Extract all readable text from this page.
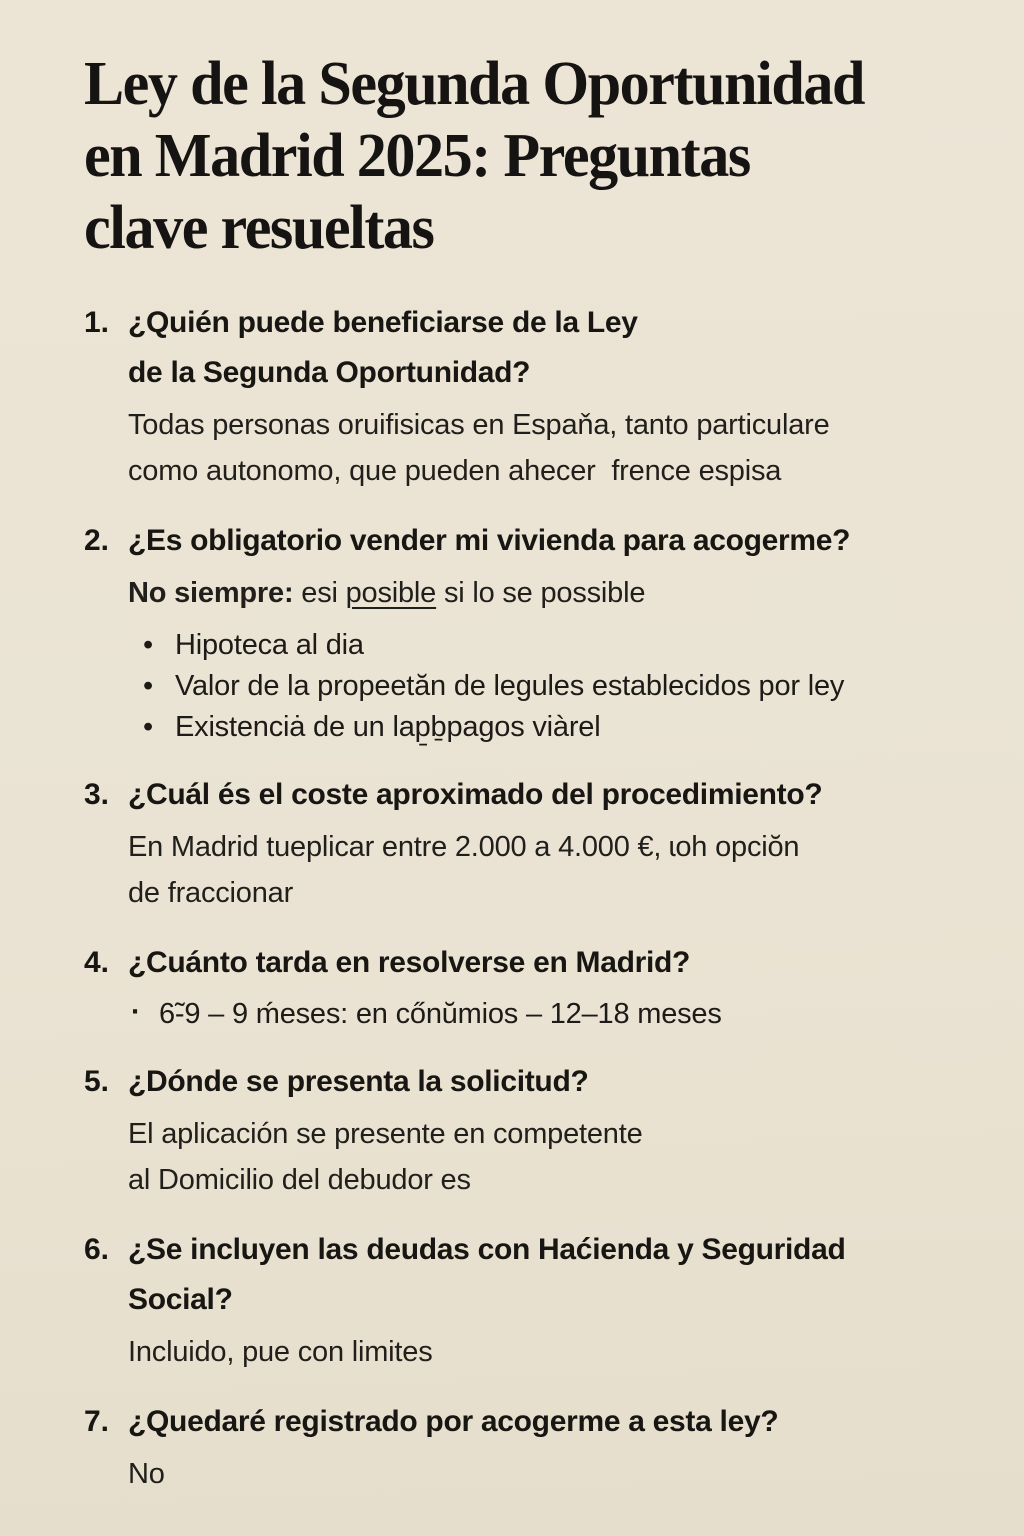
Ley de la Segunda Oportunidad
en Madrid 2025: Preguntas
clave resueltas
1. ¿Quién puede beneficiarse de la Ley
de la Segunda Oportunidad?
Todas personas oruifisicas en Espaňa, tanto particulare
como autonomo, que pueden ahecer  frence espisa
2. ¿Es obligatorio vender mi vivienda para acogerme?
No siempre: esi posible si lo se possible
• Hipoteca al dia
• Valor de la propeetăn de legules establecidos por ley
• Existenciȧ de un lap̱ḇpagos viàrel
3. ¿Cuál és el coste aproximado del procedimiento?
En Madrid tueplicar entre 2.000 a 4.000 €, ɩoh opciŏn
de fraccionar
4. ¿Cuánto tarda en resolverse en Madrid?
· 6̃-9 – 9 ḿeses: en cőnŭmios – 12–18 meses
5. ¿Dónde se presenta la solicitud?
El aplicación se presente en competente
al Domicilio del debudor es
6. ¿Se incluyen las deudas con Haćienda y Seguridad
Social?
Incluido, pue con limites
7. ¿Quedaré registrado por acogerme a esta ley?
No
